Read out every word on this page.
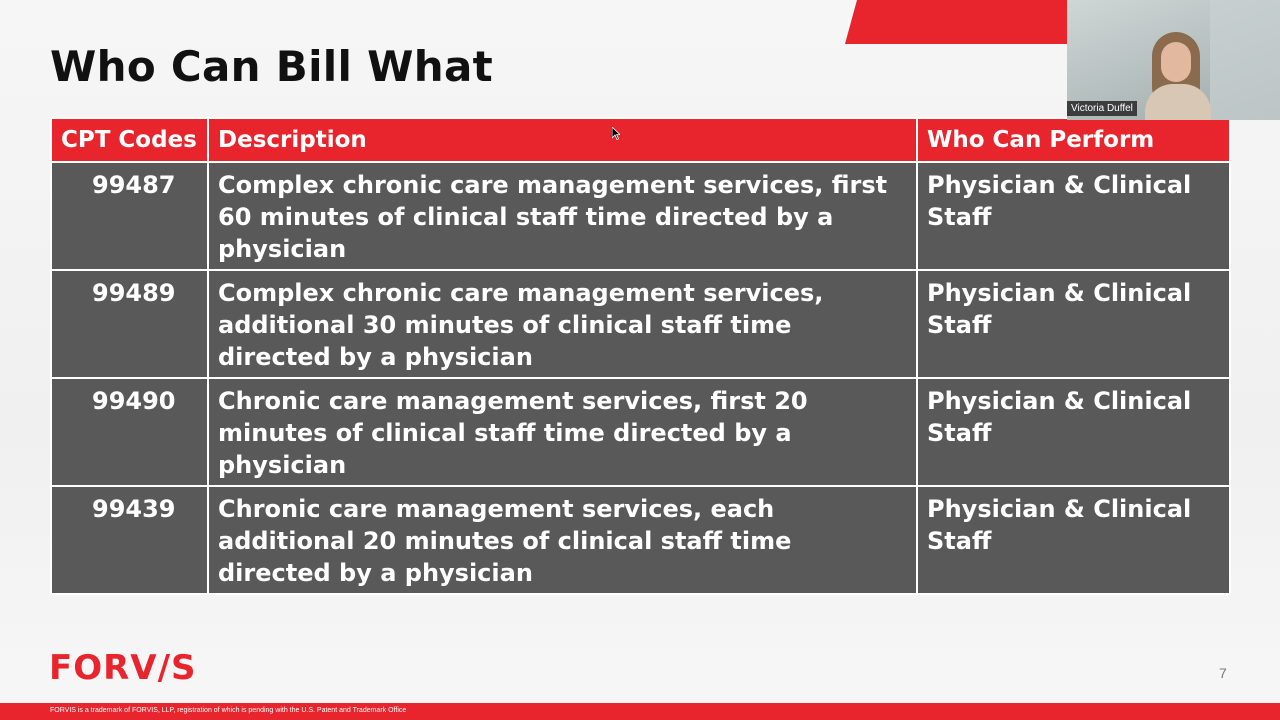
Who Can Bill What
CPT Codes	Description	Who Can Perform
99487	Complex chronic care management services, first 60 minutes of clinical staff time directed by a physician	Physician & Clinical Staff
99489	Complex chronic care management services, additional 30 minutes of clinical staff time directed by a physician	Physician & Clinical Staff
99490	Chronic care management services, first 20 minutes of clinical staff time directed by a physician	Physician & Clinical Staff
99439	Chronic care management services, each additional 20 minutes of clinical staff time directed by a physician	Physician & Clinical Staff
FORV/S	7
FORVIS is a trademark of FORVIS, LLP, registration of which is pending with the U.S. Patent and Trademark Office
Victoria Duffel
